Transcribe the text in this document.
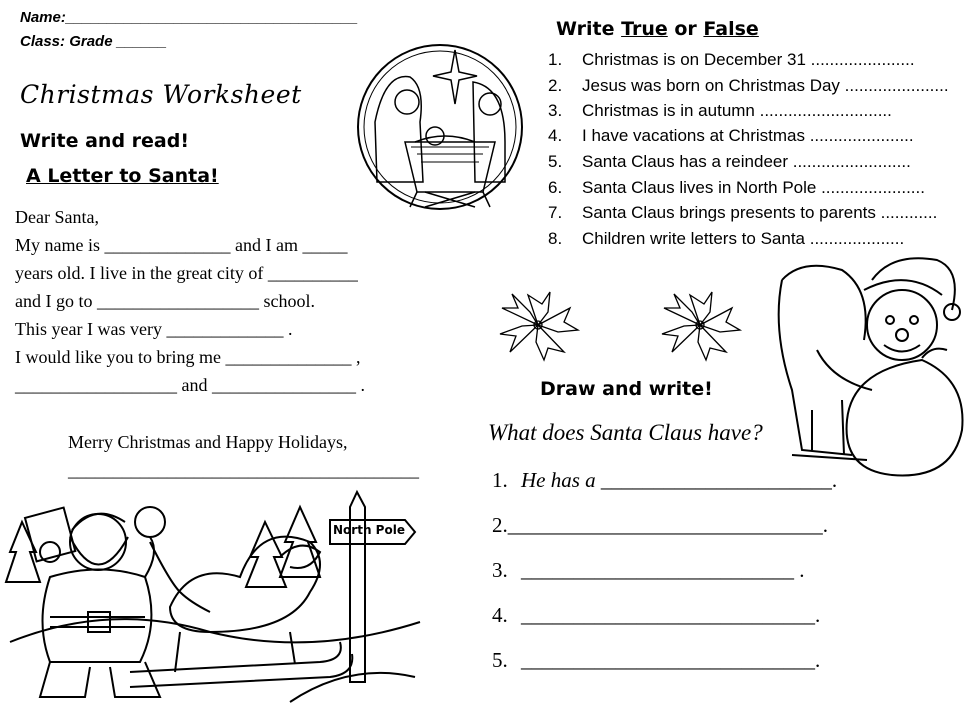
Name:___________________________________
Class: Grade ______
Christmas Worksheet
Write and read!
A Letter to Santa!
Dear Santa,
My name is ______________ and I am _____
years old. I live in the great city of __________
and I go to __________________ school.
This year I was very _____________ .
I would like you to bring me ______________ ,
__________________ and ________________ .
Merry Christmas and Happy Holidays,
_______________________________________
Write True or False
1. Christmas is on December 31 ......................
2. Jesus was born on Christmas Day ......................
3. Christmas is in autumn ............................
4. I have vacations at Christmas ......................
5. Santa Claus has a reindeer .........................
6. Santa Claus lives in North Pole ......................
7. Santa Claus brings presents to parents ............
8. Children write letters to Santa ....................
Draw and write!
What does Santa Claus have?
1. He has a ______________________.
2.______________________________.
3. __________________________ .
4. ____________________________.
5. ____________________________.
North Pole
